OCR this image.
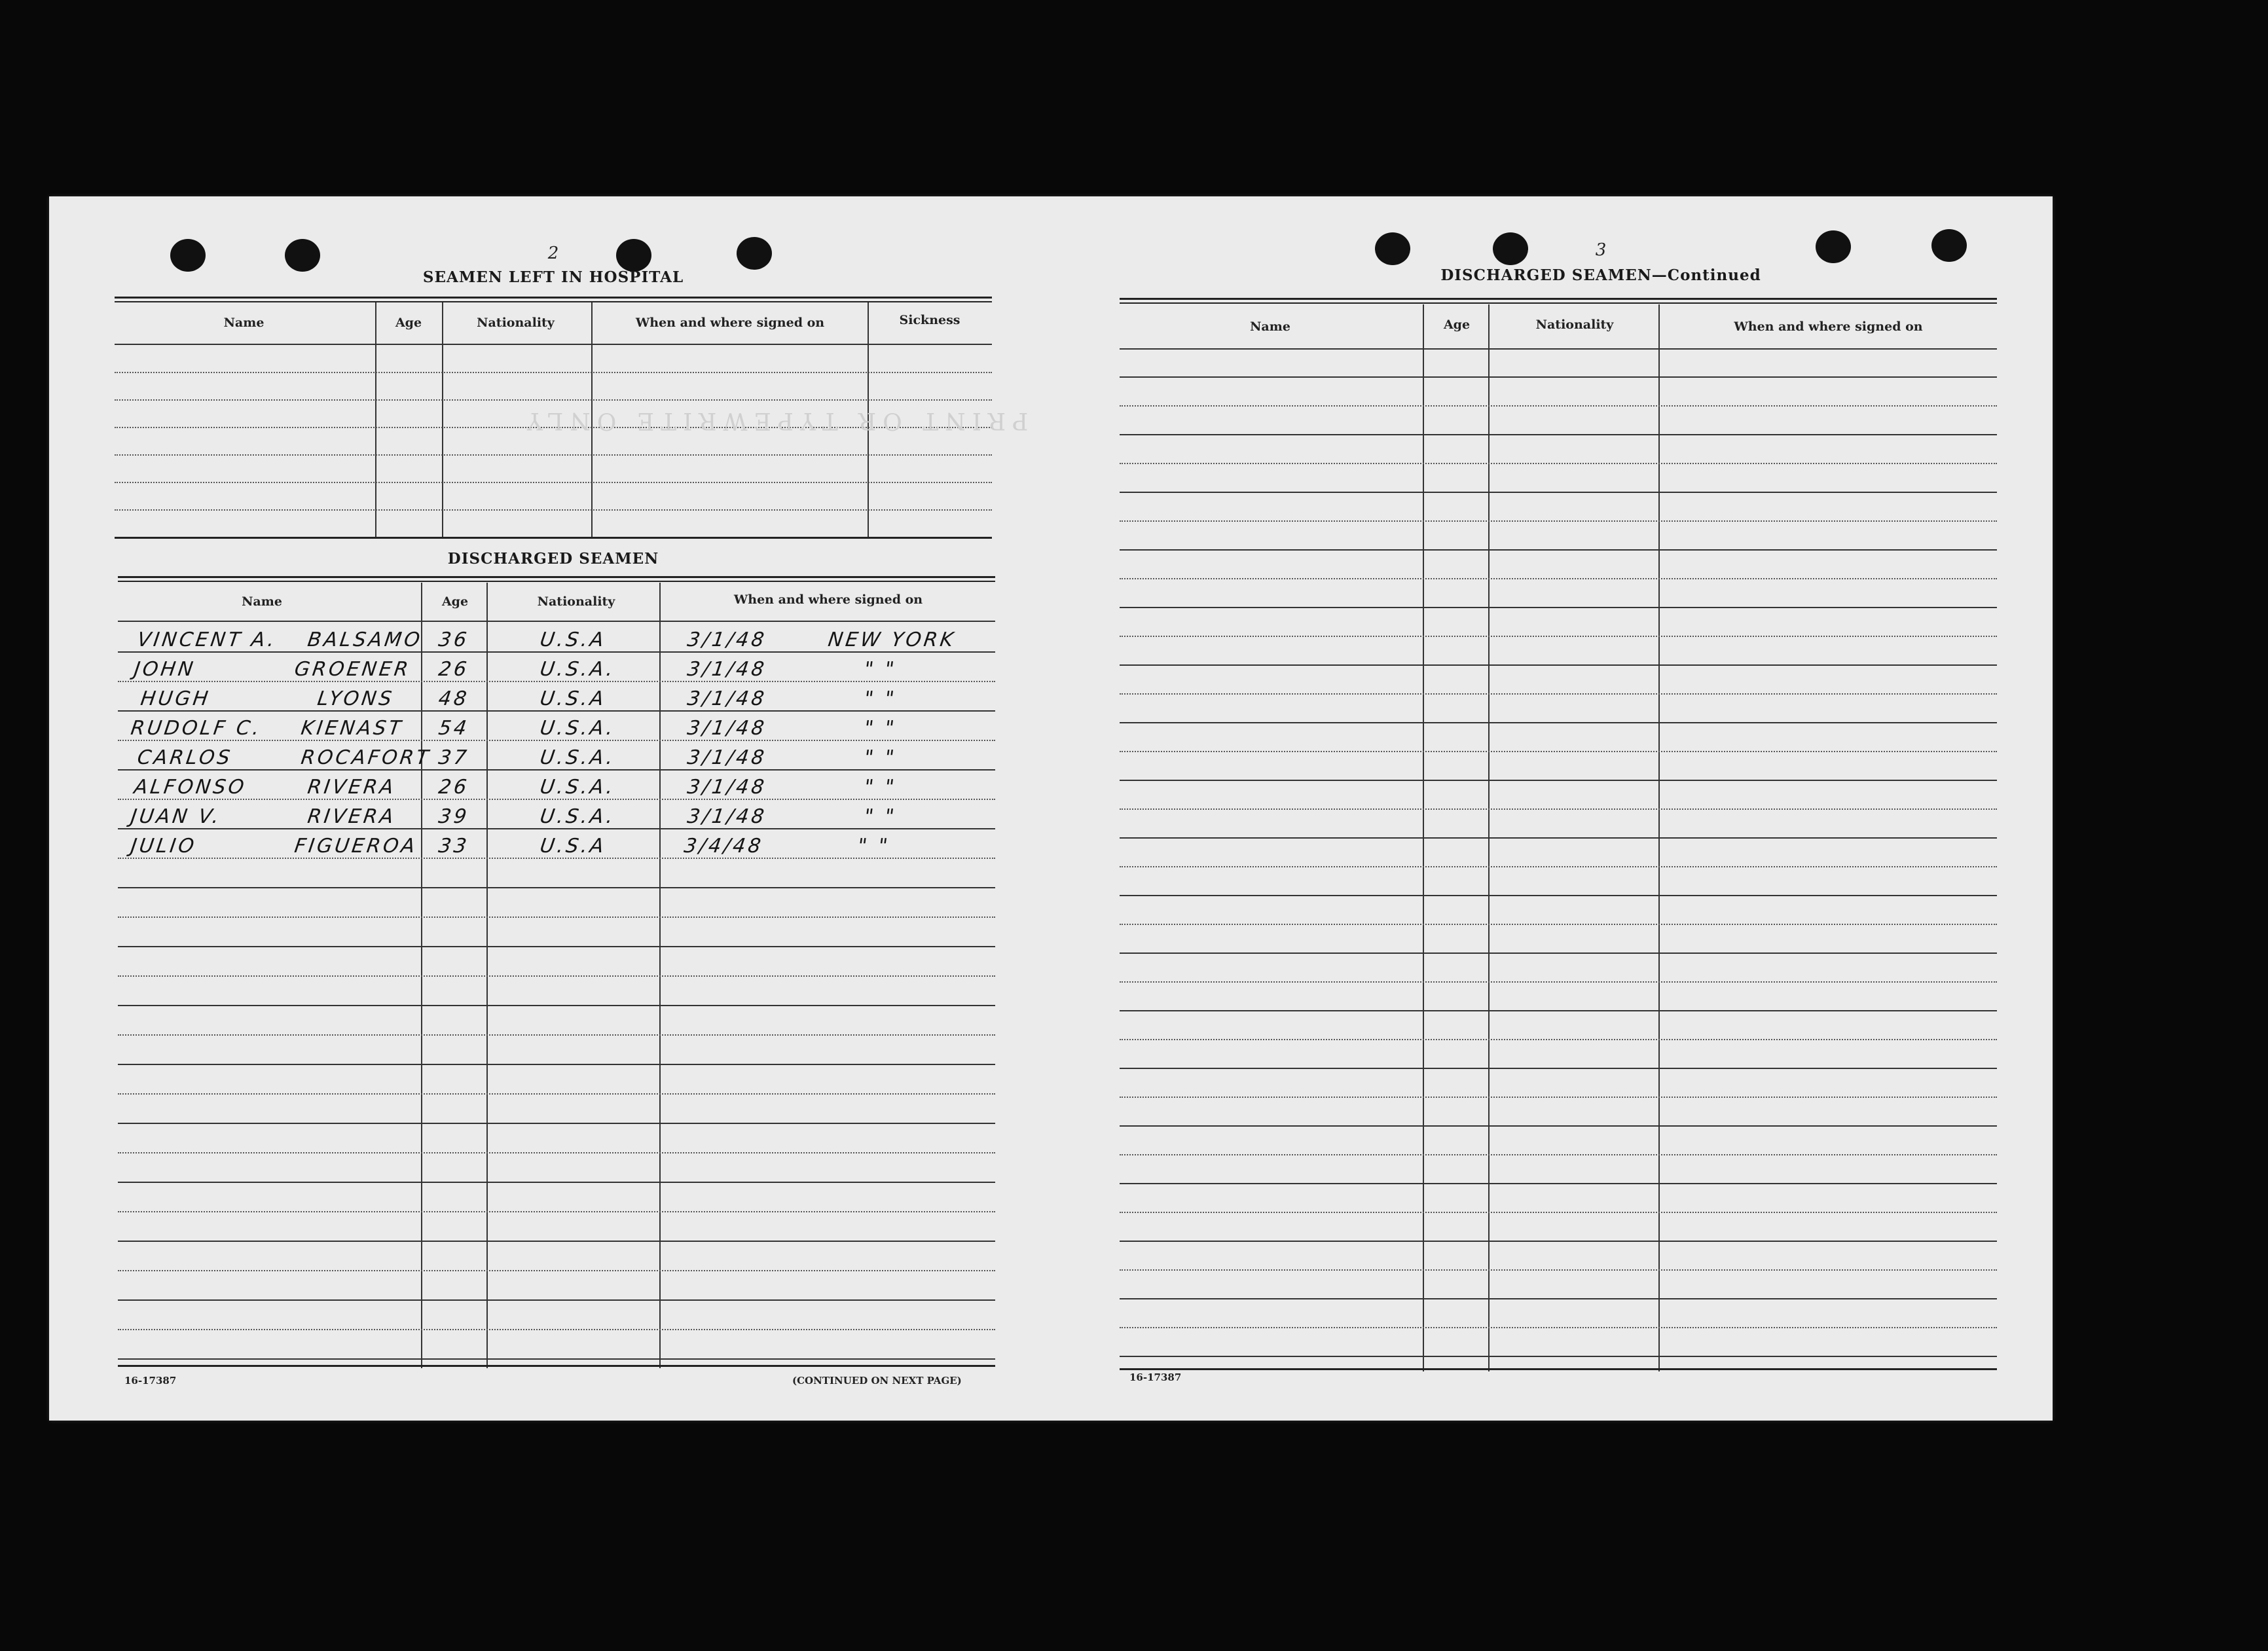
2
SEAMEN LEFT IN HOSPITAL
Name	Age	Nationality	When and where signed on	Sickness
PRINT OR TYPEWRITE ONLY
DISCHARGED SEAMEN
Name	Age	Nationality	When and where signed on
VINCENT A. BALSAMO 36	U.S.A	3/1/48	NEW YORK
JOHN	GROENER 26	U.S.A.	3/1/48	" "
HUGH	LYONS 48	U.S.A	3/1/48	" "
RUDOLF C. KIENAST 54	U.S.A.	3/1/48	" "
CARLOS	ROCAFORT 37	U.S.A.	3/1/48	" "
ALFONSO	RIVERA 26	U.S.A.	3/1/48	" "
JUAN V.	RIVERA 39	U.S.A.	3/1/48	" "
JULIO	FIGUEROA 33	U.S.A	3/4/48	" "
16-17387	(CONTINUED ON NEXT PAGE)
3
DISCHARGED SEAMEN—Continued
Name	Age	Nationality	When and where signed on
16-17387
